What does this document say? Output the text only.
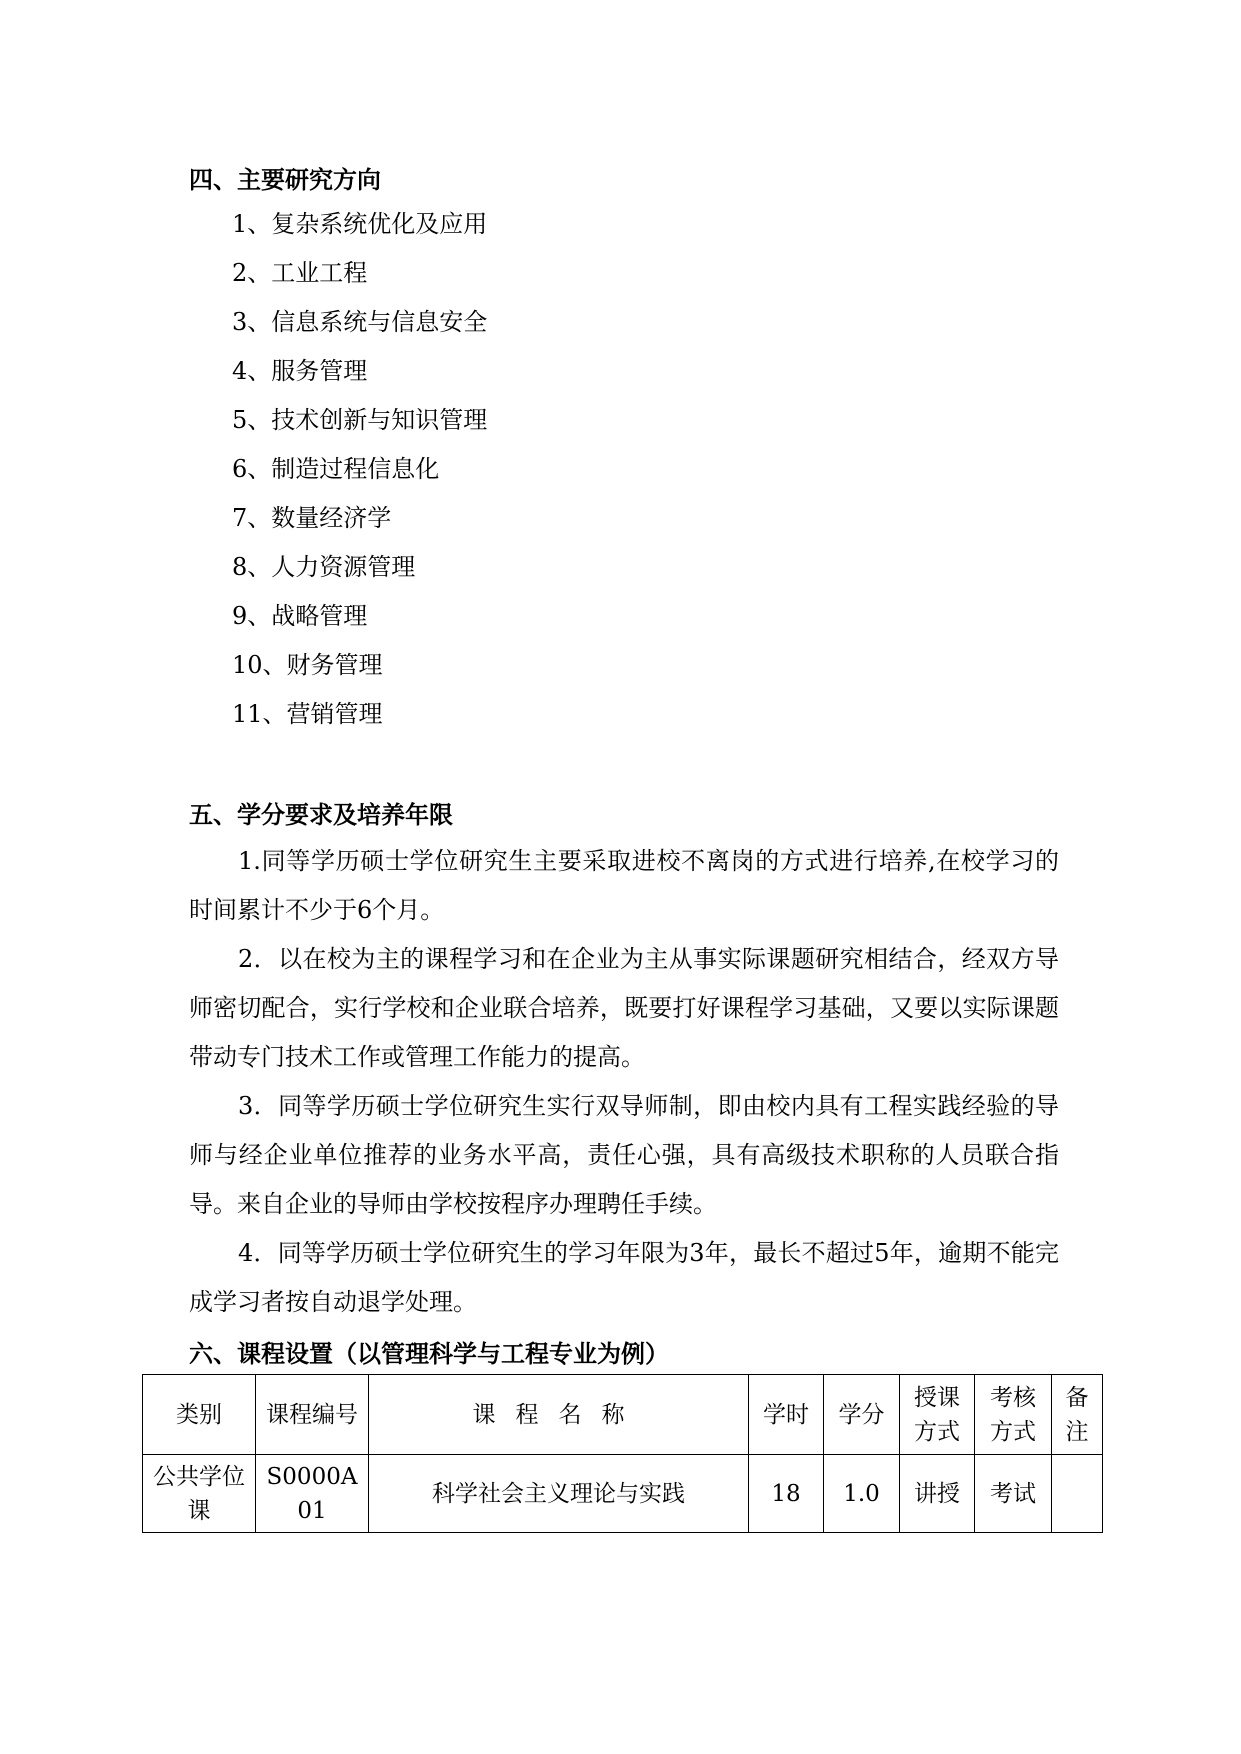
四、主要研究方向
1、复杂系统优化及应用
2、工业工程
3、信息系统与信息安全
4、服务管理
5、技术创新与知识管理
6、制造过程信息化
7、数量经济学
8、人力资源管理
9、战略管理
10、财务管理
11、营销管理
五、学分要求及培养年限

1.同等学历硕士学位研究生主要采取进校不离岗的方式进行培养,在校学习的时间累计不少于6个月。

2．以在校为主的课程学习和在企业为主从事实际课题研究相结合，经双方导师密切配合，实行学校和企业联合培养，既要打好课程学习基础，又要以实际课题带动专门技术工作或管理工作能力的提高。

3．同等学历硕士学位研究生实行双导师制，即由校内具有工程实践经验的导师与经企业单位推荐的业务水平高，责任心强，具有高级技术职称的人员联合指导。来自企业的导师由学校按程序办理聘任手续。

4．同等学历硕士学位研究生的学习年限为3年，最长不超过5年，逾期不能完成学习者按自动退学处理。

六、课程设置（以管理科学与工程专业为例）
类别	课程编号	课程名称	学时	学分	授课方式	考核方式	备注
公共学位课	S0000A01	科学社会主义理论与实践	18	1.0	讲授	考试	
